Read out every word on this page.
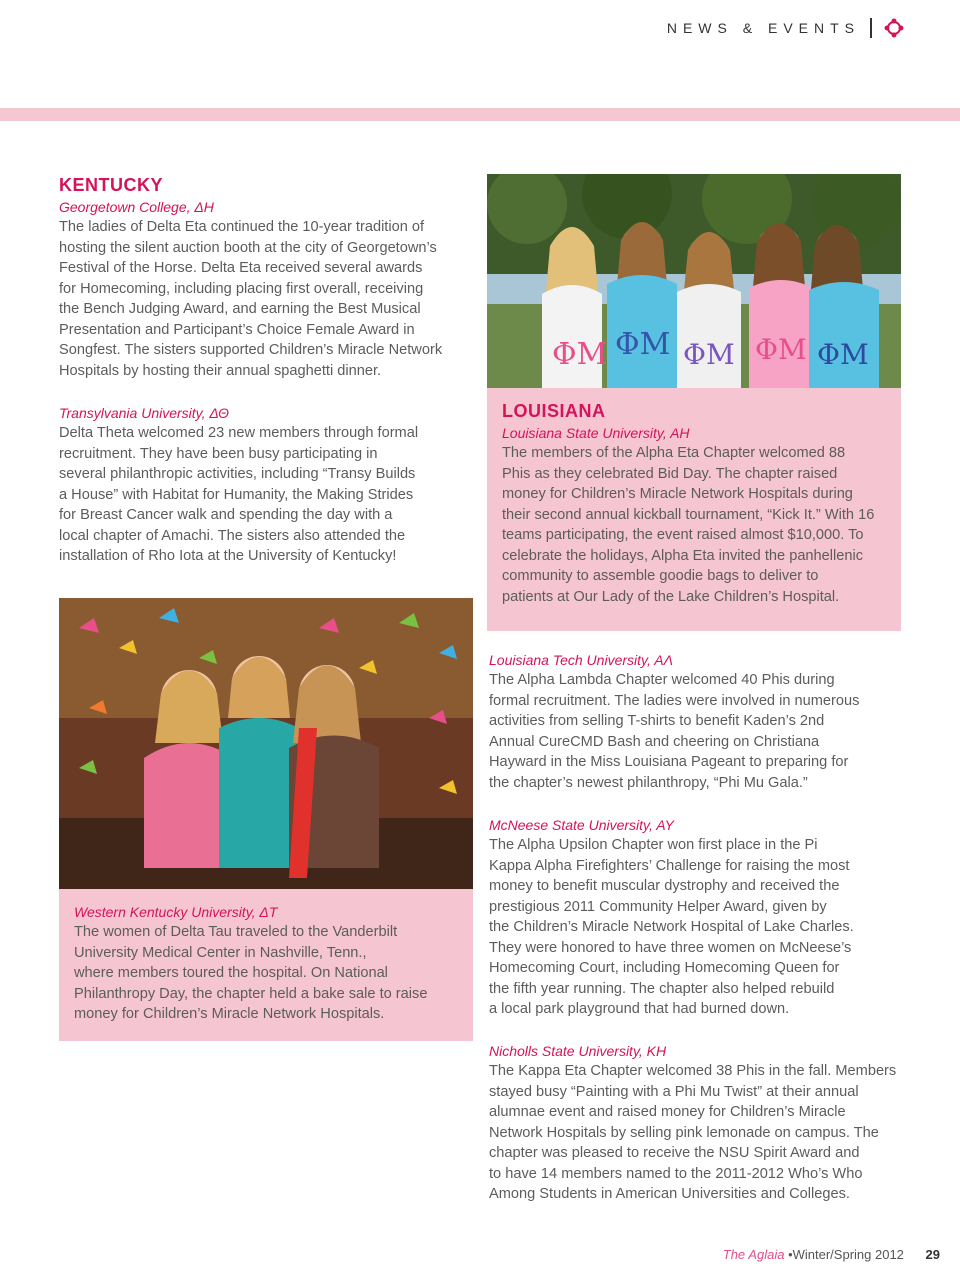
NEWS & EVENTS
KENTUCKY
Georgetown College, ΔH
The ladies of Delta Eta continued the 10-year tradition of
hosting the silent auction booth at the city of Georgetown’s
Festival of the Horse. Delta Eta received several awards
for Homecoming, including placing first overall, receiving
the Bench Judging Award, and earning the Best Musical
Presentation and Participant’s Choice Female Award in
Songfest. The sisters supported Children’s Miracle Network
Hospitals by hosting their annual spaghetti dinner.
Transylvania University, ΔΘ
Delta Theta welcomed 23 new members through formal
recruitment. They have been busy participating in
several philanthropic activities, including “Transy Builds
a House” with Habitat for Humanity, the Making Strides
for Breast Cancer walk and spending the day with a
local chapter of Amachi. The sisters also attended the
installation of Rho Iota at the University of Kentucky!
Western Kentucky University, ΔT
The women of Delta Tau traveled to the Vanderbilt
University Medical Center in Nashville, Tenn.,
where members toured the hospital. On National
Philanthropy Day, the chapter held a bake sale to raise
money for Children’s Miracle Network Hospitals.
ΦM ΦM ΦM ΦM ΦM
LOUISIANA
Louisiana State University, AH
The members of the Alpha Eta Chapter welcomed 88
Phis as they celebrated Bid Day. The chapter raised
money for Children’s Miracle Network Hospitals during
their second annual kickball tournament, “Kick It.” With 16
teams participating, the event raised almost $10,000. To
celebrate the holidays, Alpha Eta invited the panhellenic
community to assemble goodie bags to deliver to
patients at Our Lady of the Lake Children’s Hospital.
Louisiana Tech University, AΛ
The Alpha Lambda Chapter welcomed 40 Phis during
formal recruitment. The ladies were involved in numerous
activities from selling T-shirts to benefit Kaden’s 2nd
Annual CureCMD Bash and cheering on Christiana
Hayward in the Miss Louisiana Pageant to preparing for
the chapter’s newest philanthropy, “Phi Mu Gala.”
McNeese State University, AY
The Alpha Upsilon Chapter won first place in the Pi
Kappa Alpha Firefighters’ Challenge for raising the most
money to benefit muscular dystrophy and received the
prestigious 2011 Community Helper Award, given by
the Children’s Miracle Network Hospital of Lake Charles.
They were honored to have three women on McNeese’s
Homecoming Court, including Homecoming Queen for
the fifth year running. The chapter also helped rebuild
a local park playground that had burned down.
Nicholls State University, KH
The Kappa Eta Chapter welcomed 38 Phis in the fall. Members
stayed busy “Painting with a Phi Mu Twist” at their annual
alumnae event and raised money for Children’s Miracle
Network Hospitals by selling pink lemonade on campus. The
chapter was pleased to receive the NSU Spirit Award and
to have 14 members named to the 2011-2012 Who’s Who
Among Students in American Universities and Colleges.
The Aglaia •Winter/Spring 2012 29
